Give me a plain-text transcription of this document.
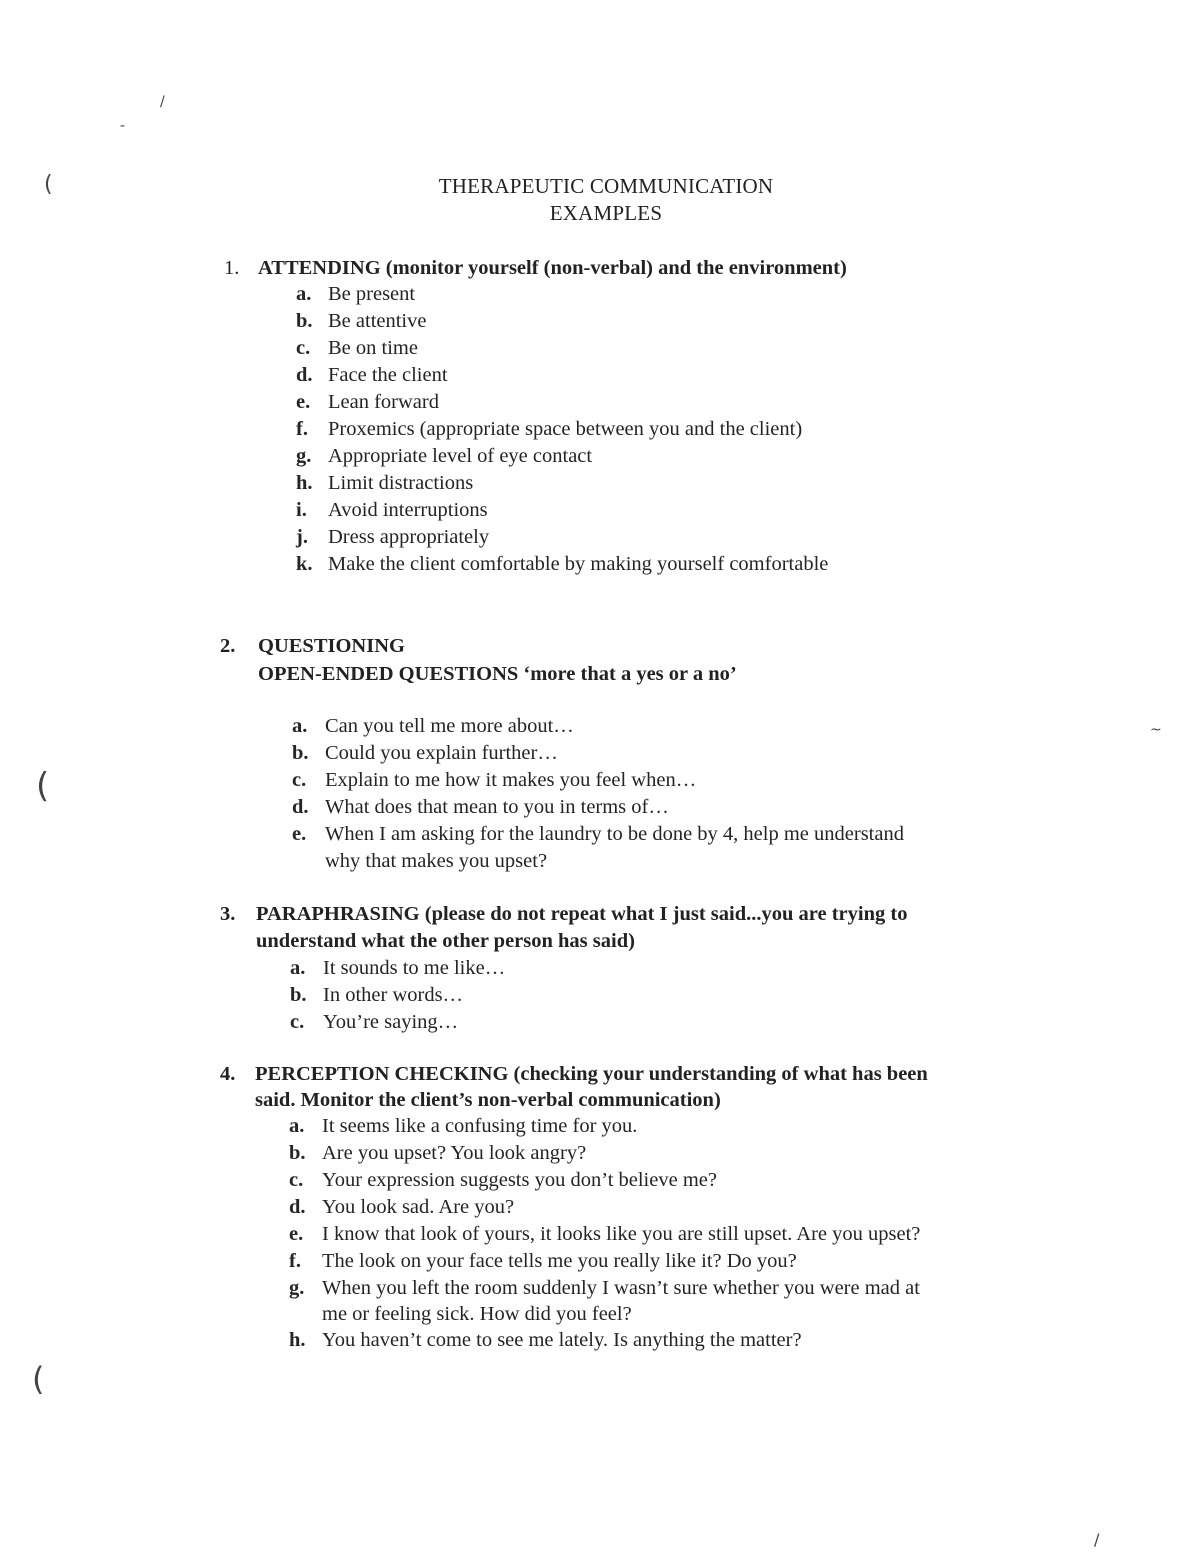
(
-
/
(
(
~
/
THERAPEUTIC COMMUNICATION
EXAMPLES
1. ATTENDING (monitor yourself (non-verbal) and the environment)
a. Be present
b. Be attentive
c. Be on time
d. Face the client
e. Lean forward
f. Proxemics (appropriate space between you and the client)
g. Appropriate level of eye contact
h. Limit distractions
i. Avoid interruptions
j. Dress appropriately
k. Make the client comfortable by making yourself comfortable
2. QUESTIONING
OPEN-ENDED QUESTIONS ‘more that a yes or a no’
a. Can you tell me more about…
b. Could you explain further…
c. Explain to me how it makes you feel when…
d. What does that mean to you in terms of…
e. When I am asking for the laundry to be done by 4, help me understand
why that makes you upset?
3. PARAPHRASING (please do not repeat what I just said...you are trying to
understand what the other person has said)
a. It sounds to me like…
b. In other words…
c. You’re saying…
4. PERCEPTION CHECKING (checking your understanding of what has been
said. Monitor the client’s non-verbal communication)
a. It seems like a confusing time for you.
b. Are you upset? You look angry?
c. Your expression suggests you don’t believe me?
d. You look sad. Are you?
e. I know that look of yours, it looks like you are still upset. Are you upset?
f. The look on your face tells me you really like it? Do you?
g. When you left the room suddenly I wasn’t sure whether you were mad at
me or feeling sick. How did you feel?
h. You haven’t come to see me lately. Is anything the matter?
